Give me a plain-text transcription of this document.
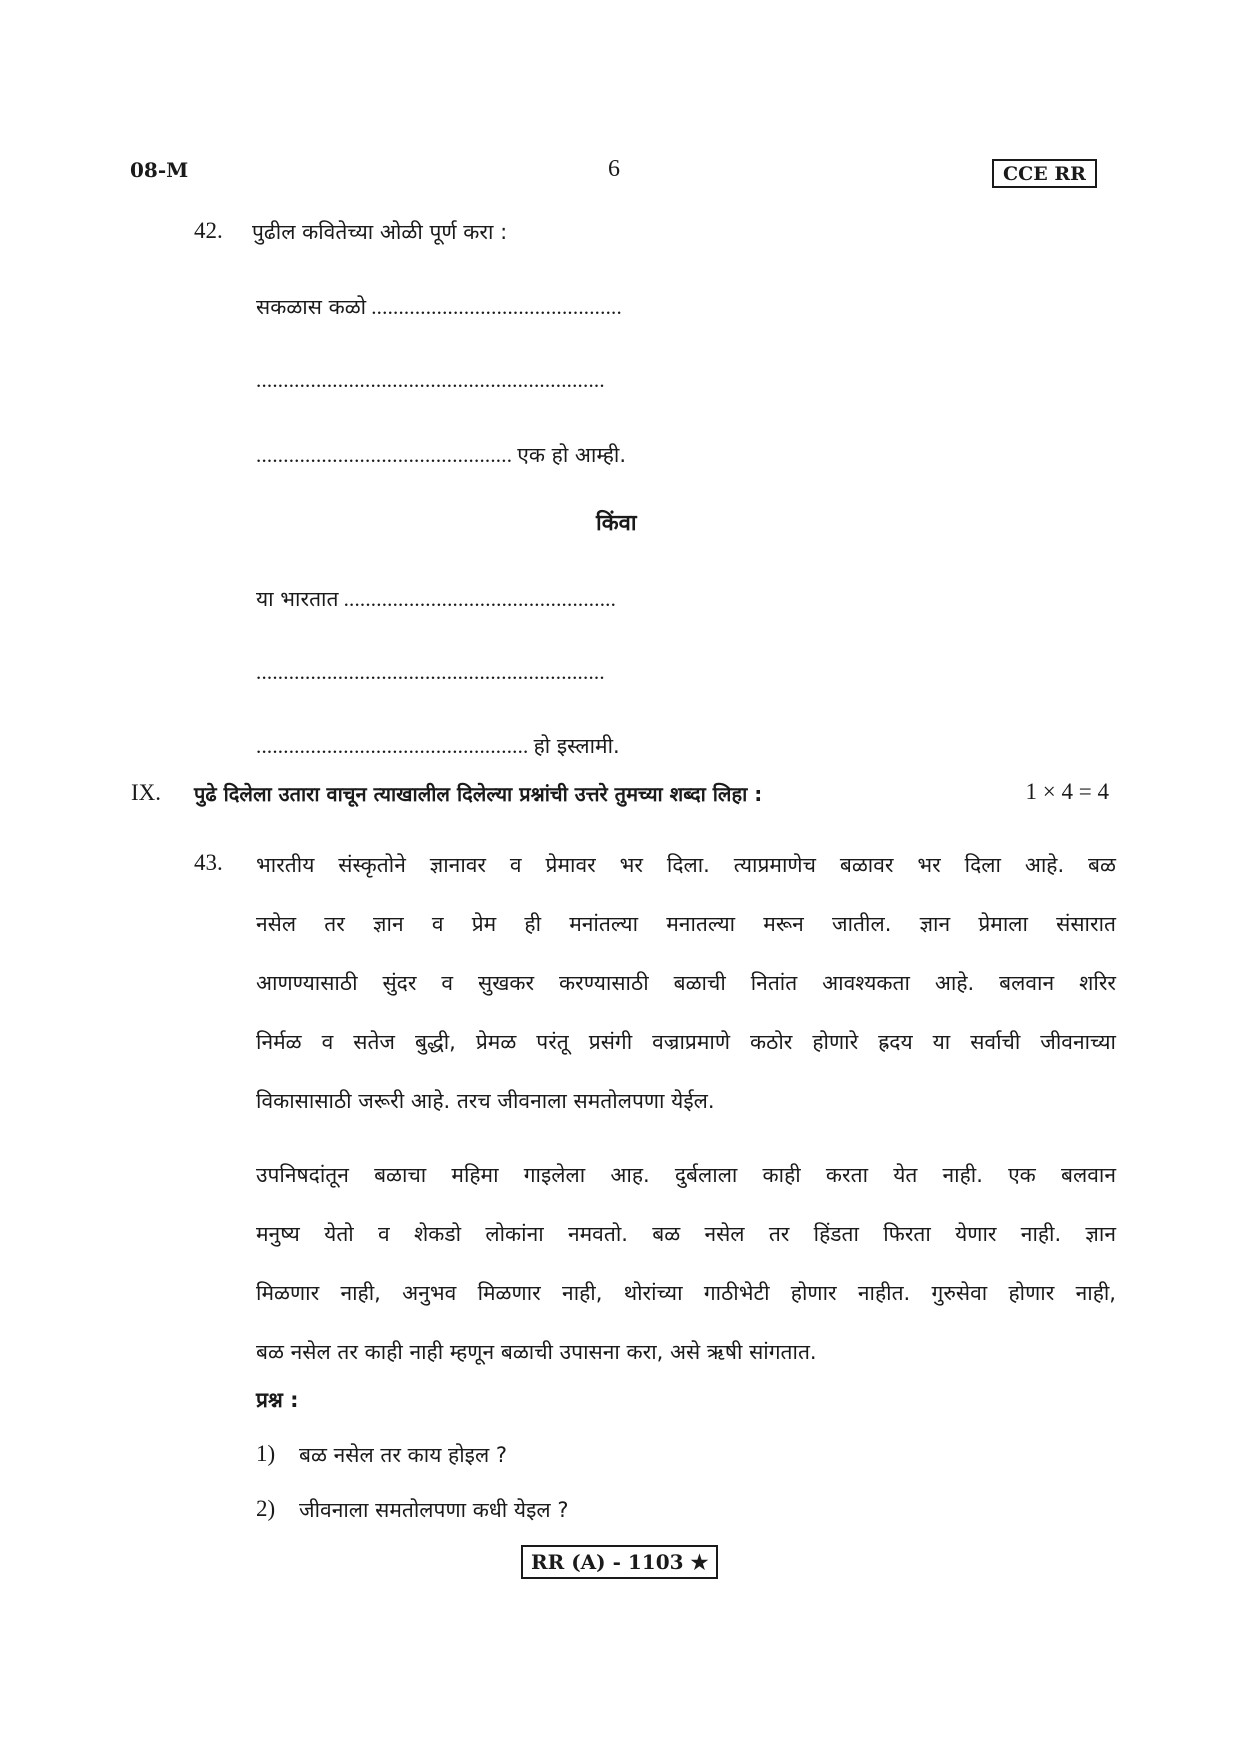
08-M	6	CCE RR
42. पुढील कवितेच्या ओळी पूर्ण करा :
सकळास कळो ..............................................
................................................................
............................................... एक हो आम्ही.
किंवा
या भारतात ..................................................
................................................................
.................................................. हो इस्लामी.
IX. पुढे दिलेला उतारा वाचून त्याखालील दिलेल्या प्रश्नांची उत्तरे तुमच्या शब्दा लिहा :	1 × 4 = 4
43. भारतीय संस्कृतोने ज्ञानावर व प्रेमावर भर दिला. त्याप्रमाणेच बळावर भर दिला आहे. बळ
नसेल तर ज्ञान व प्रेम ही मनांतल्या मनातल्या मरून जातील. ज्ञान प्रेमाला संसारात
आणण्यासाठी सुंदर व सुखकर करण्यासाठी बळाची नितांत आवश्यकता आहे. बलवान शरिर
निर्मळ व सतेज बुद्धी, प्रेमळ परंतू प्रसंगी वज्राप्रमाणे कठोर होणारे ह्रदय या सर्वाची जीवनाच्या
विकासासाठी जरूरी आहे. तरच जीवनाला समतोलपणा येईल.
उपनिषदांतून बळाचा महिमा गाइलेला आह. दुर्बलाला काही करता येत नाही. एक बलवान
मनुष्य येतो व शेकडो लोकांना नमवतो. बळ नसेल तर हिंडता फिरता येणार नाही. ज्ञान
मिळणार नाही, अनुभव मिळणार नाही, थोरांच्या गाठीभेटी होणार नाहीत. गुरुसेवा होणार नाही,
बळ नसेल तर काही नाही म्हणून बळाची उपासना करा, असे ऋषी सांगतात.
प्रश्न :
1) बळ नसेल तर काय होइल ?
2) जीवनाला समतोलपणा कधी येइल ?
RR (A) - 1103 ★
